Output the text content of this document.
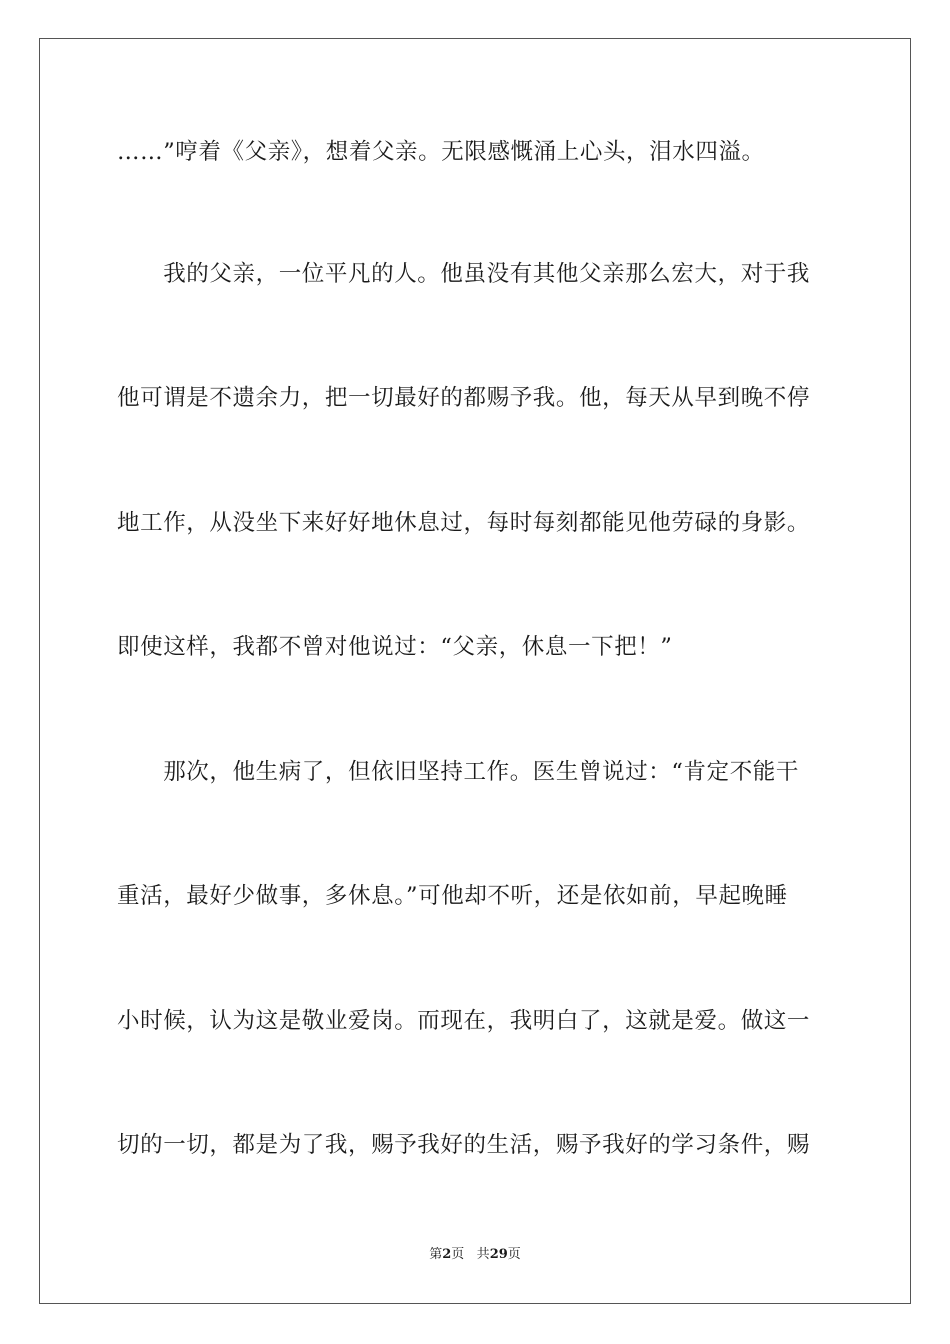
……”哼着《父亲》，想着父亲。无限感慨涌上心头，泪水四溢。
　　我的父亲，一位平凡的人。他虽没有其他父亲那么宏大，对于我
他可谓是不遗余力，把一切最好的都赐予我。他，每天从早到晚不停
地工作，从没坐下来好好地休息过，每时每刻都能见他劳碌的身影。
即使这样，我都不曾对他说过：“父亲，休息一下把！”
　　那次，他生病了，但依旧坚持工作。医生曾说过：“肯定不能干
重活，最好少做事，多休息。”可他却不听，还是依如前，早起晚睡
小时候，认为这是敬业爱岗。而现在，我明白了，这就是爱。做这一
切的一切，都是为了我，赐予我好的生活，赐予我好的学习条件，赐
第2页 共29页
